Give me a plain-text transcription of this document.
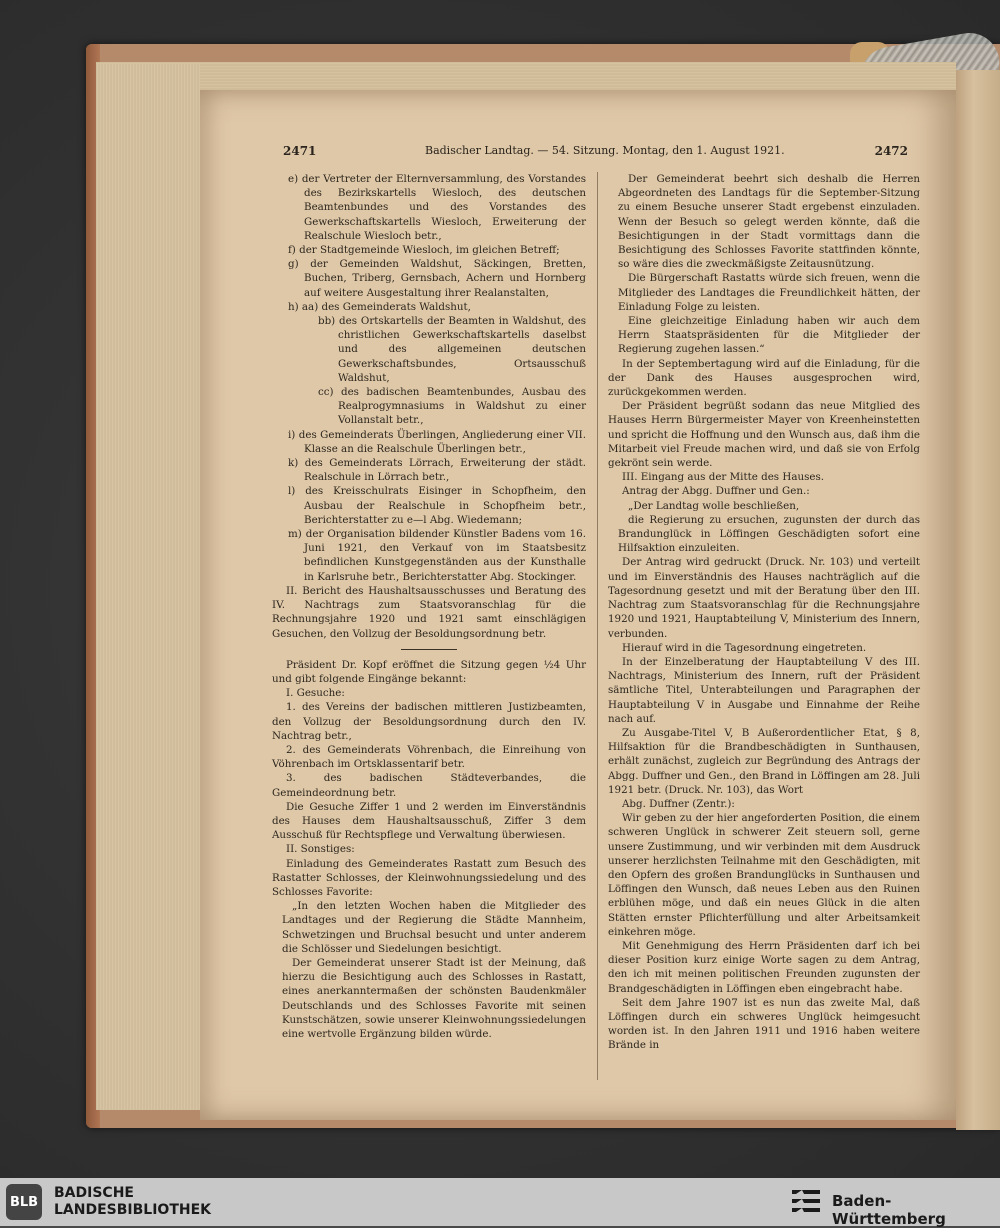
2471	Badischer Landtag. — 54. Sitzung. Montag, den 1. August 1921.	2472

e) der Vertreter der Elternversammlung, des Vorstandes des Bezirkskartells Wiesloch, des deutschen Beamtenbundes und des Vorstandes des Gewerkschaftskartells Wiesloch, Erweiterung der Realschule Wiesloch betr.,

f) der Stadtgemeinde Wiesloch, im gleichen Betreff;

g) der Gemeinden Waldshut, Säckingen, Bretten, Buchen, Triberg, Gernsbach, Achern und Hornberg auf weitere Ausgestaltung ihrer Realanstalten,

h) aa) des Gemeinderats Waldshut,

bb) des Ortskartells der Beamten in Waldshut, des christlichen Gewerkschaftskartells daselbst und des allgemeinen deutschen Gewerkschaftsbundes, Ortsausschuß Waldshut,

cc) des badischen Beamtenbundes, Ausbau des Realprogymnasiums in Waldshut zu einer Vollanstalt betr.,

i) des Gemeinderats Überlingen, Angliederung einer VII. Klasse an die Realschule Überlingen betr.,

k) des Gemeinderats Lörrach, Erweiterung der städt. Realschule in Lörrach betr.,

l) des Kreisschulrats Eisinger in Schopfheim, den Ausbau der Realschule in Schopfheim betr., Berichterstatter zu e—l Abg. Wiedemann;

m) der Organisation bildender Künstler Badens vom 16. Juni 1921, den Verkauf von im Staatsbesitz befindlichen Kunstgegenständen aus der Kunsthalle in Karlsruhe betr., Berichterstatter Abg. Stockinger.

II. Bericht des Haushaltsausschusses und Beratung des IV. Nachtrags zum Staatsvoranschlag für die Rechnungsjahre 1920 und 1921 samt einschlägigen Gesuchen, den Vollzug der Besoldungsordnung betr.

Präsident Dr. Kopf eröffnet die Sitzung gegen ½4 Uhr und gibt folgende Eingänge bekannt:

I. Gesuche:

1. des Vereins der badischen mittleren Justizbeamten, den Vollzug der Besoldungsordnung durch den IV. Nachtrag betr.,

2. des Gemeinderats Vöhrenbach, die Einreihung von Vöhrenbach im Ortsklassentarif betr.

3. des badischen Städteverbandes, die Gemeindeordnung betr.

Die Gesuche Ziffer 1 und 2 werden im Einverständnis des Hauses dem Haushaltsausschuß, Ziffer 3 dem Ausschuß für Rechtspflege und Verwaltung überwiesen.

II. Sonstiges:

Einladung des Gemeinderates Rastatt zum Besuch des Rastatter Schlosses, der Kleinwohnungssiedelung und des Schlosses Favorite:

„In den letzten Wochen haben die Mitglieder des Landtages und der Regierung die Städte Mannheim, Schwetzingen und Bruchsal besucht und unter anderem die Schlösser und Siedelungen besichtigt.

Der Gemeinderat unserer Stadt ist der Meinung, daß hierzu die Besichtigung auch des Schlosses in Rastatt, eines anerkanntermaßen der schönsten Baudenkmäler Deutschlands und des Schlosses Favorite mit seinen Kunstschätzen, sowie unserer Kleinwohnungssiedelungen eine wertvolle Ergänzung bilden würde.

Der Gemeinderat beehrt sich deshalb die Herren Abgeordneten des Landtags für die September-Sitzung zu einem Besuche unserer Stadt ergebenst einzuladen. Wenn der Besuch so gelegt werden könnte, daß die Besichtigungen in der Stadt vormittags dann die Besichtigung des Schlosses Favorite stattfinden könnte, so wäre dies die zweckmäßigste Zeitausnützung.

Die Bürgerschaft Rastatts würde sich freuen, wenn die Mitglieder des Landtages die Freundlichkeit hätten, der Einladung Folge zu leisten.

Eine gleichzeitige Einladung haben wir auch dem Herrn Staatspräsidenten für die Mitglieder der Regierung zugehen lassen.“

In der Septembertagung wird auf die Einladung, für die der Dank des Hauses ausgesprochen wird, zurückgekommen werden.

Der Präsident begrüßt sodann das neue Mitglied des Hauses Herrn Bürgermeister Mayer von Kreenheinstetten und spricht die Hoffnung und den Wunsch aus, daß ihm die Mitarbeit viel Freude machen wird, und daß sie von Erfolg gekrönt sein werde.

III. Eingang aus der Mitte des Hauses.

Antrag der Abgg. Duffner und Gen.:

„Der Landtag wolle beschließen,

die Regierung zu ersuchen, zugunsten der durch das Brandunglück in Löffingen Geschädigten sofort eine Hilfsaktion einzuleiten.

Der Antrag wird gedruckt (Druck. Nr. 103) und verteilt und im Einverständnis des Hauses nachträglich auf die Tagesordnung gesetzt und mit der Beratung über den III. Nachtrag zum Staatsvoranschlag für die Rechnungsjahre 1920 und 1921, Hauptabteilung V, Ministerium des Innern, verbunden.

Hierauf wird in die Tagesordnung eingetreten.

In der Einzelberatung der Hauptabteilung V des III. Nachtrags, Ministerium des Innern, ruft der Präsident sämtliche Titel, Unterabteilungen und Paragraphen der Hauptabteilung V in Ausgabe und Einnahme der Reihe nach auf.

Zu Ausgabe-Titel V, B Außerordentlicher Etat, § 8, Hilfsaktion für die Brandbeschädigten in Sunthausen, erhält zunächst, zugleich zur Begründung des Antrags der Abgg. Duffner und Gen., den Brand in Löffingen am 28. Juli 1921 betr. (Druck. Nr. 103), das Wort

Abg. Duffner (Zentr.):

Wir geben zu der hier angeforderten Position, die einem schweren Unglück in schwerer Zeit steuern soll, gerne unsere Zustimmung, und wir verbinden mit dem Ausdruck unserer herzlichsten Teilnahme mit den Geschädigten, mit den Opfern des großen Brandunglücks in Sunthausen und Löffingen den Wunsch, daß neues Leben aus den Ruinen erblühen möge, und daß ein neues Glück in die alten Stätten ernster Pflichterfüllung und alter Arbeitsamkeit einkehren möge.

Mit Genehmigung des Herrn Präsidenten darf ich bei dieser Position kurz einige Worte sagen zu dem Antrag, den ich mit meinen politischen Freunden zugunsten der Brandgeschädigten in Löffingen eben eingebracht habe.

Seit dem Jahre 1907 ist es nun das zweite Mal, daß Löffingen durch ein schweres Unglück heimgesucht worden ist. In den Jahren 1911 und 1916 haben weitere Brände in

BLB
BADISCHE
LANDESBIBLIOTHEK	Baden-Württemberg
